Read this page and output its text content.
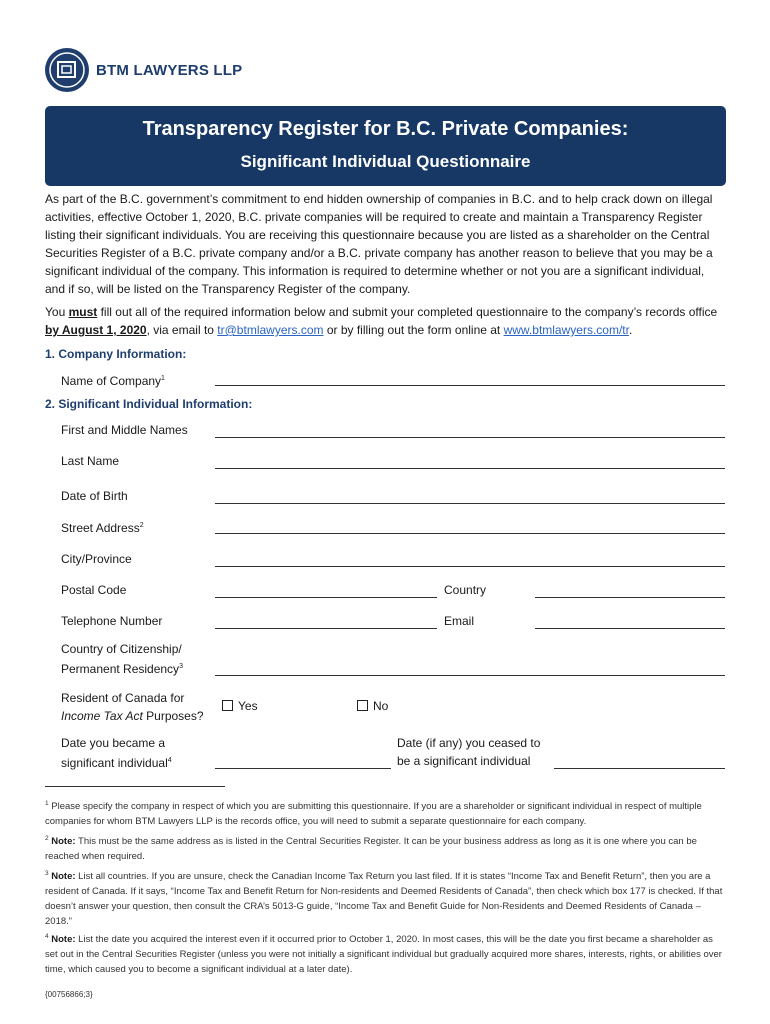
BTM LAWYERS LLP
Transparency Register for B.C. Private Companies:
Significant Individual Questionnaire
As part of the B.C. government’s commitment to end hidden ownership of companies in B.C. and to help crack down on illegal activities, effective October 1, 2020, B.C. private companies will be required to create and maintain a Transparency Register listing their significant individuals. You are receiving this questionnaire because you are listed as a shareholder on the Central Securities Register of a B.C. private company and/or a B.C. private company has another reason to believe that you may be a significant individual of the company. This information is required to determine whether or not you are a significant individual, and if so, will be listed on the Transparency Register of the company.
You must fill out all of the required information below and submit your completed questionnaire to the company’s records office by August 1, 2020, via email to tr@btmlawyers.com or by filling out the form online at www.btmlawyers.com/tr.
1. Company Information:
Name of Company$^1$
2. Significant Individual Information:
First and Middle Names
Last Name
Date of Birth
Street Address$^2$
City/Province
Postal Code	Country
Telephone Number	Email
Country of Citizenship/
Permanent Residency$^3$
Resident of Canada for
Income Tax Act Purposes?
Yes	No
Date you became a
significant individual$^4$
Date (if any) you ceased to
be a significant individual
$^1$ Please specify the company in respect of which you are submitting this questionnaire. If you are a shareholder or significant individual in respect of multiple companies for whom BTM Lawyers LLP is the records office, you will need to submit a separate questionnaire for each company.
$^2$ Note: This must be the same address as is listed in the Central Securities Register. It can be your business address as long as it is one where you can be reached when required.
$^3$ Note: List all countries. If you are unsure, check the Canadian Income Tax Return you last filed. If it is states “Income Tax and Benefit Return”, then you are a resident of Canada. If it says, “Income Tax and Benefit Return for Non-residents and Deemed Residents of Canada”, then check which box 177 is checked. If that doesn’t answer your question, then consult the CRA’s 5013-G guide, “Income Tax and Benefit Guide for Non-Residents and Deemed Residents of Canada – 2018.”
$^4$ Note: List the date you acquired the interest even if it occurred prior to October 1, 2020. In most cases, this will be the date you first became a shareholder as set out in the Central Securities Register (unless you were not initially a significant individual but gradually acquired more shares, interests, rights, or abilities over time, which caused you to become a significant individual at a later date).
{00756866;3}
